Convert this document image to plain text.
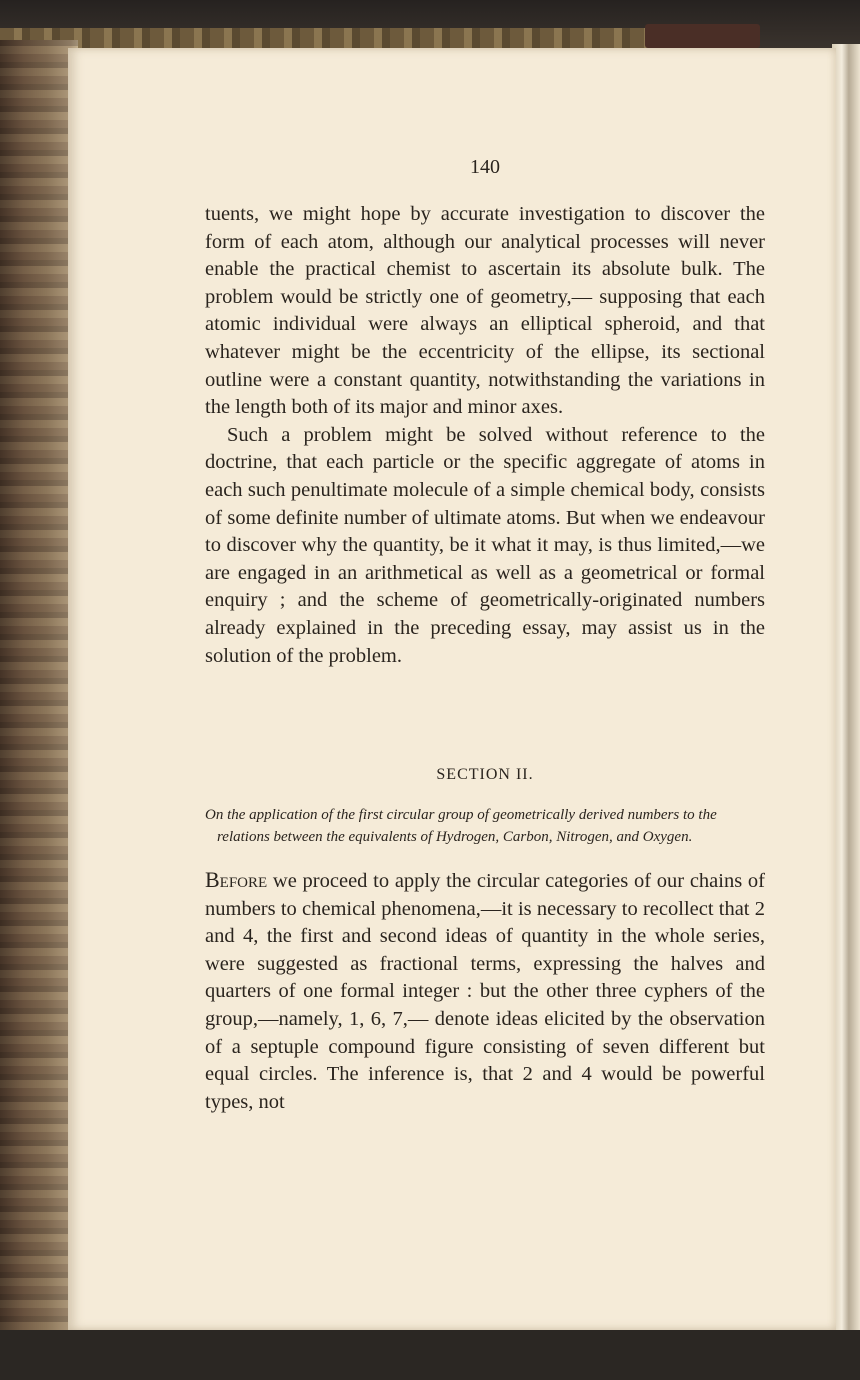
140

tuents, we might hope by accurate investigation to discover the form of each atom, although our analytical processes will never enable the practical chemist to ascertain its absolute bulk. The problem would be strictly one of geometry,— supposing that each atomic individual were always an elliptical spheroid, and that whatever might be the eccentricity of the ellipse, its sectional outline were a constant quantity, notwithstanding the variations in the length both of its major and minor axes.

Such a problem might be solved without reference to the doctrine, that each particle or the specific aggregate of atoms in each such penultimate molecule of a simple chemical body, consists of some definite number of ultimate atoms. But when we endeavour to discover why the quantity, be it what it may, is thus limited,—we are engaged in an arithmetical as well as a geometrical or formal enquiry ; and the scheme of geometrically-originated numbers already explained in the preceding essay, may assist us in the solution of the problem.

SECTION II.

On the application of the first circular group of geometrically derived numbers to the relations between the equivalents of Hydrogen, Carbon, Nitrogen, and Oxygen.

Before we proceed to apply the circular categories of our chains of numbers to chemical phenomena,—it is necessary to recollect that 2 and 4, the first and second ideas of quantity in the whole series, were suggested as fractional terms, expressing the halves and quarters of one formal integer : but the other three cyphers of the group,—namely, 1, 6, 7,— denote ideas elicited by the observation of a septuple compound figure consisting of seven different but equal circles. The inference is, that 2 and 4 would be powerful types, not
